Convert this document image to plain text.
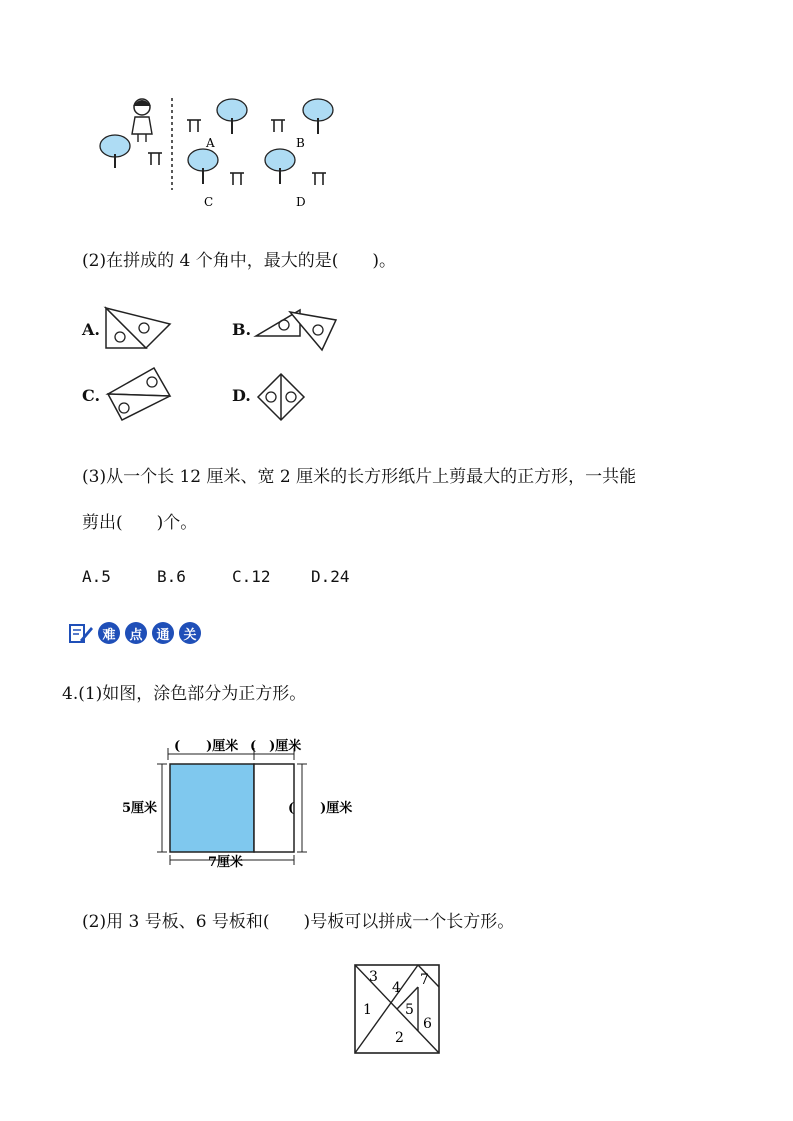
A	B
C	D
(2)在拼成的 4 个角中，最大的是(　　)。
A.	B.
C.	D.
(3)从一个长 12 厘米、宽 2 厘米的长方形纸片上剪最大的正方形，一共能
剪出(　　)个。
A.5	B.6	C.12	D.24
难	点	通	关
4.(1)如图，涂色部分为正方形。
(　　)厘米 (　)厘米
5厘米	(　　)厘米
7厘米
(2)用 3 号板、6 号板和(　　)号板可以拼成一个长方形。
3
4 7
1 5
6
2
